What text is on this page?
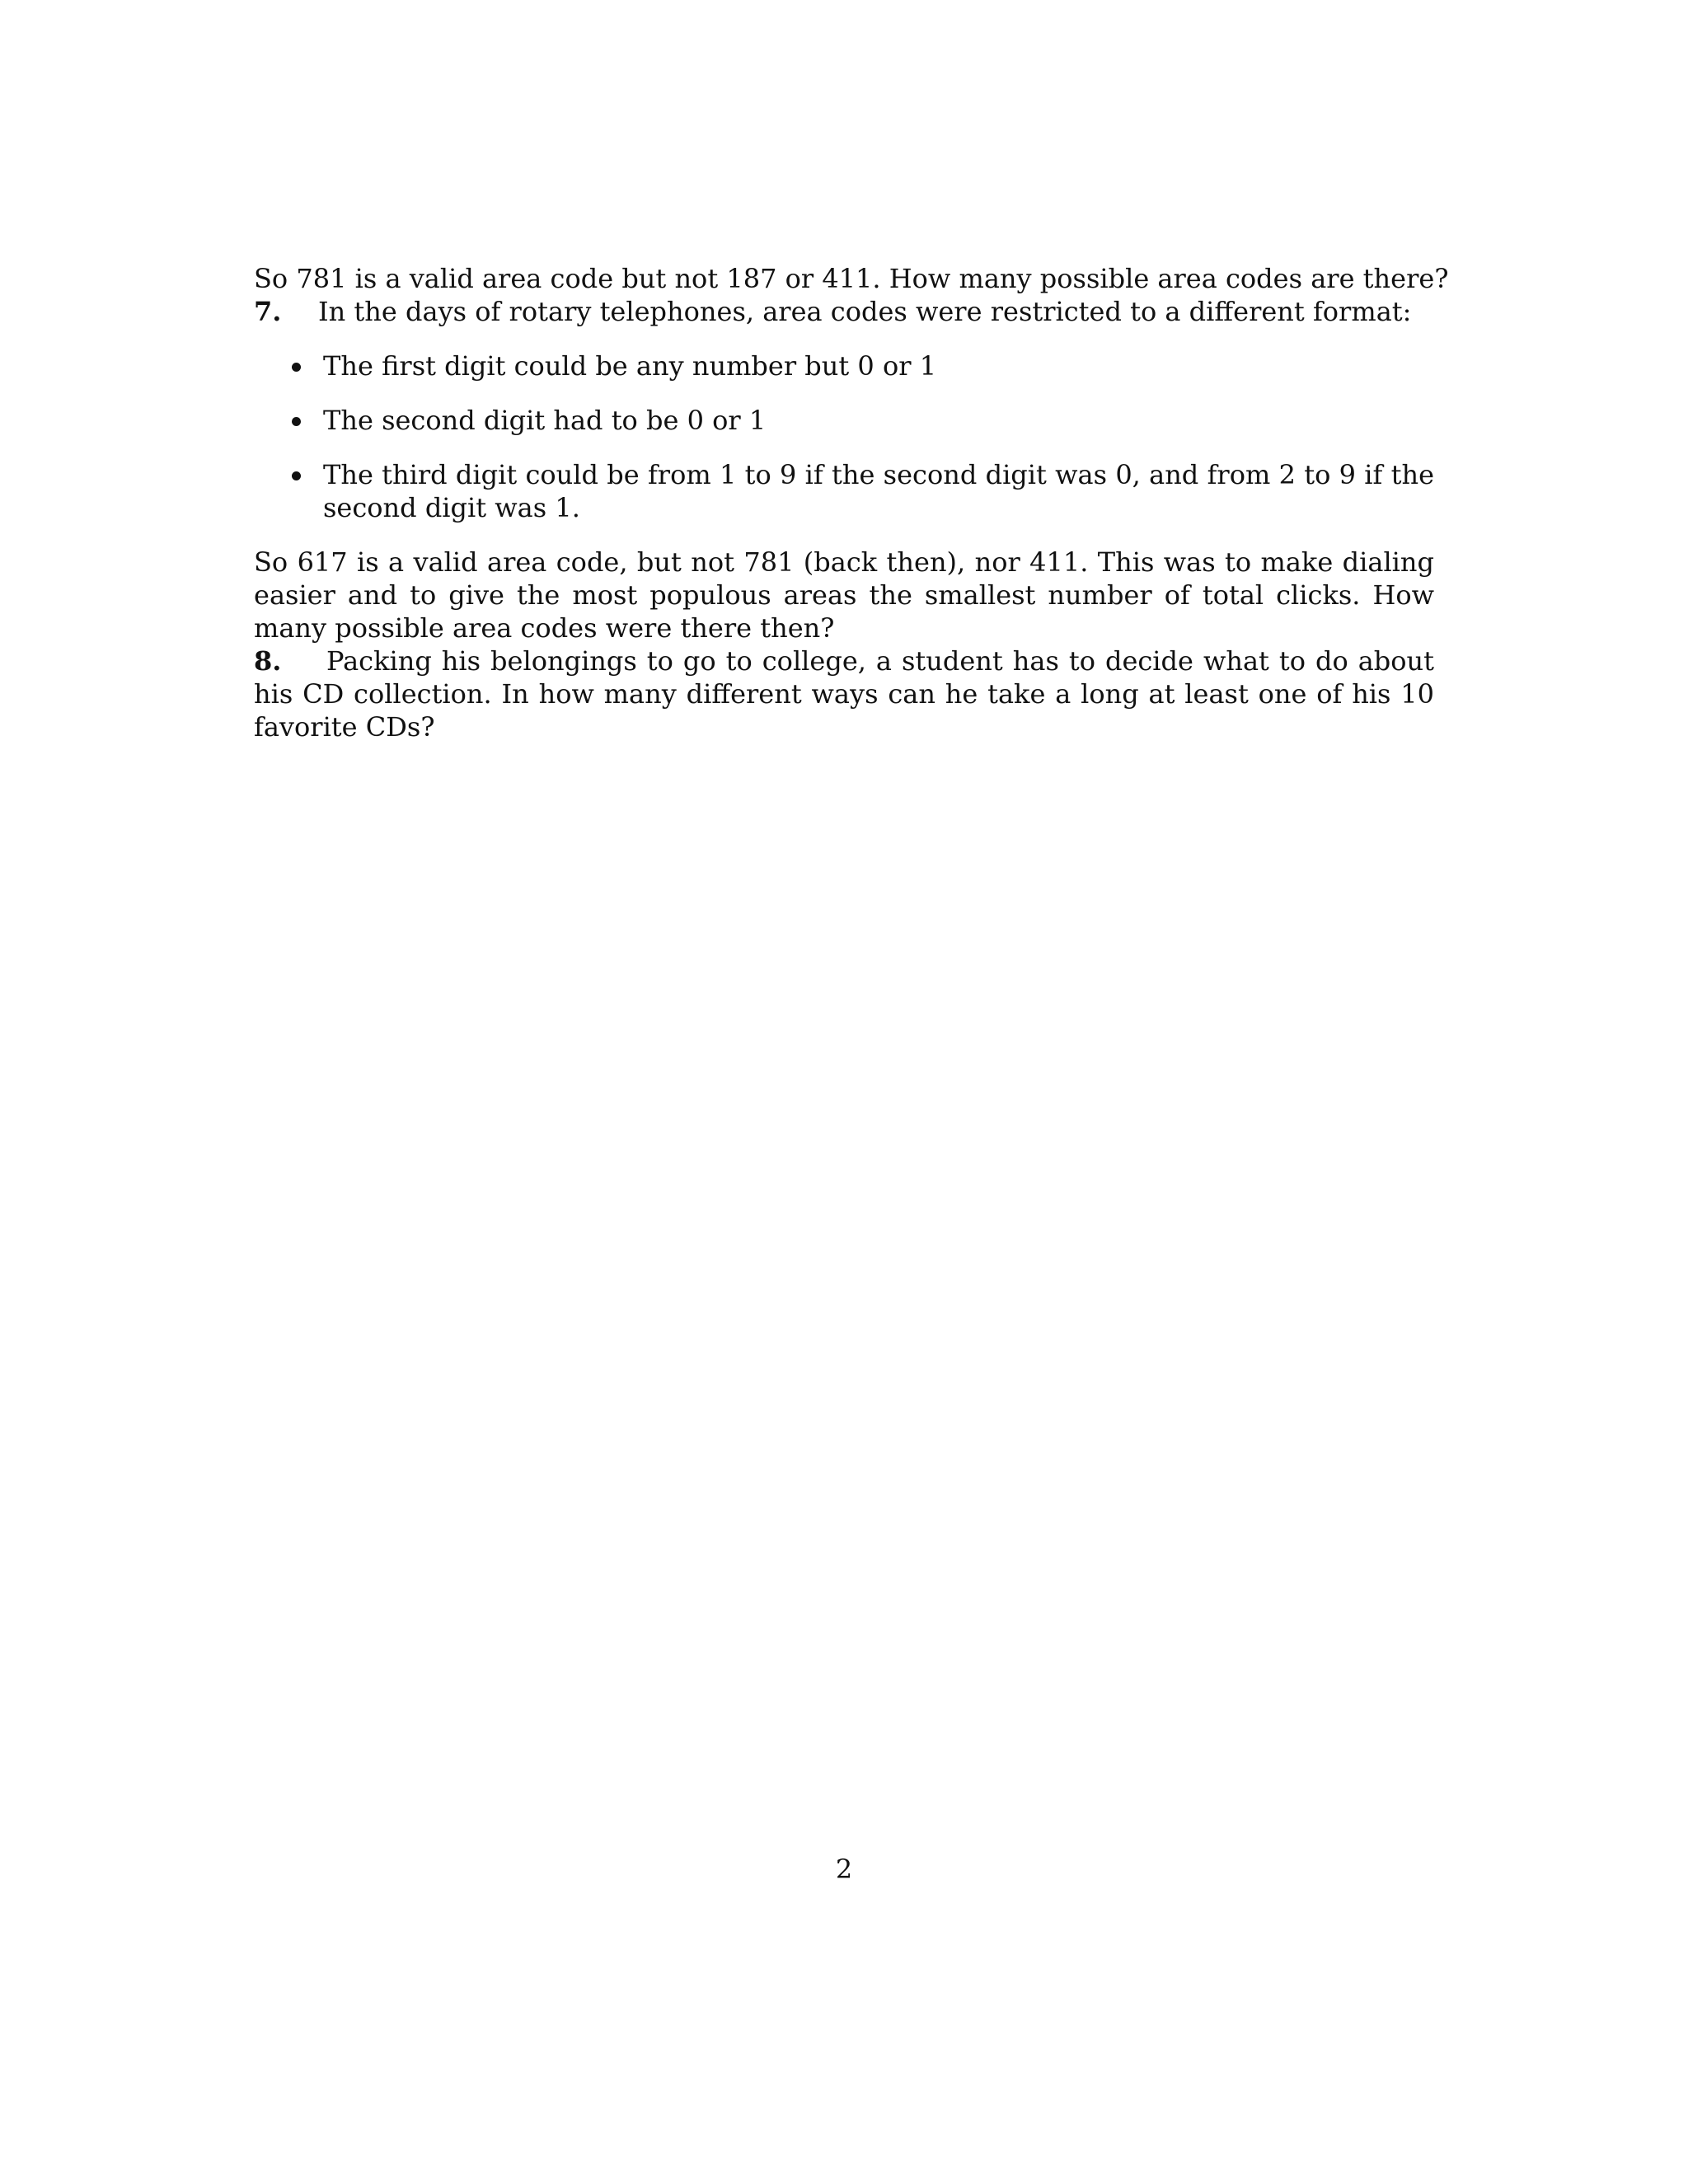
So 781 is a valid area code but not 187 or 411. How many possible area codes are there?

7. In the days of rotary telephones, area codes were restricted to a different format:

The first digit could be any number but 0 or 1
The second digit had to be 0 or 1
The third digit could be from 1 to 9 if the second digit was 0, and from 2 to 9 if the second digit was 1.

So 617 is a valid area code, but not 781 (back then), nor 411. This was to make dialing easier and to give the most populous areas the smallest number of total clicks. How many possible area codes were there then?

8. Packing his belongings to go to college, a student has to decide what to do about his CD collection. In how many different ways can he take a long at least one of his 10 favorite CDs?

2
